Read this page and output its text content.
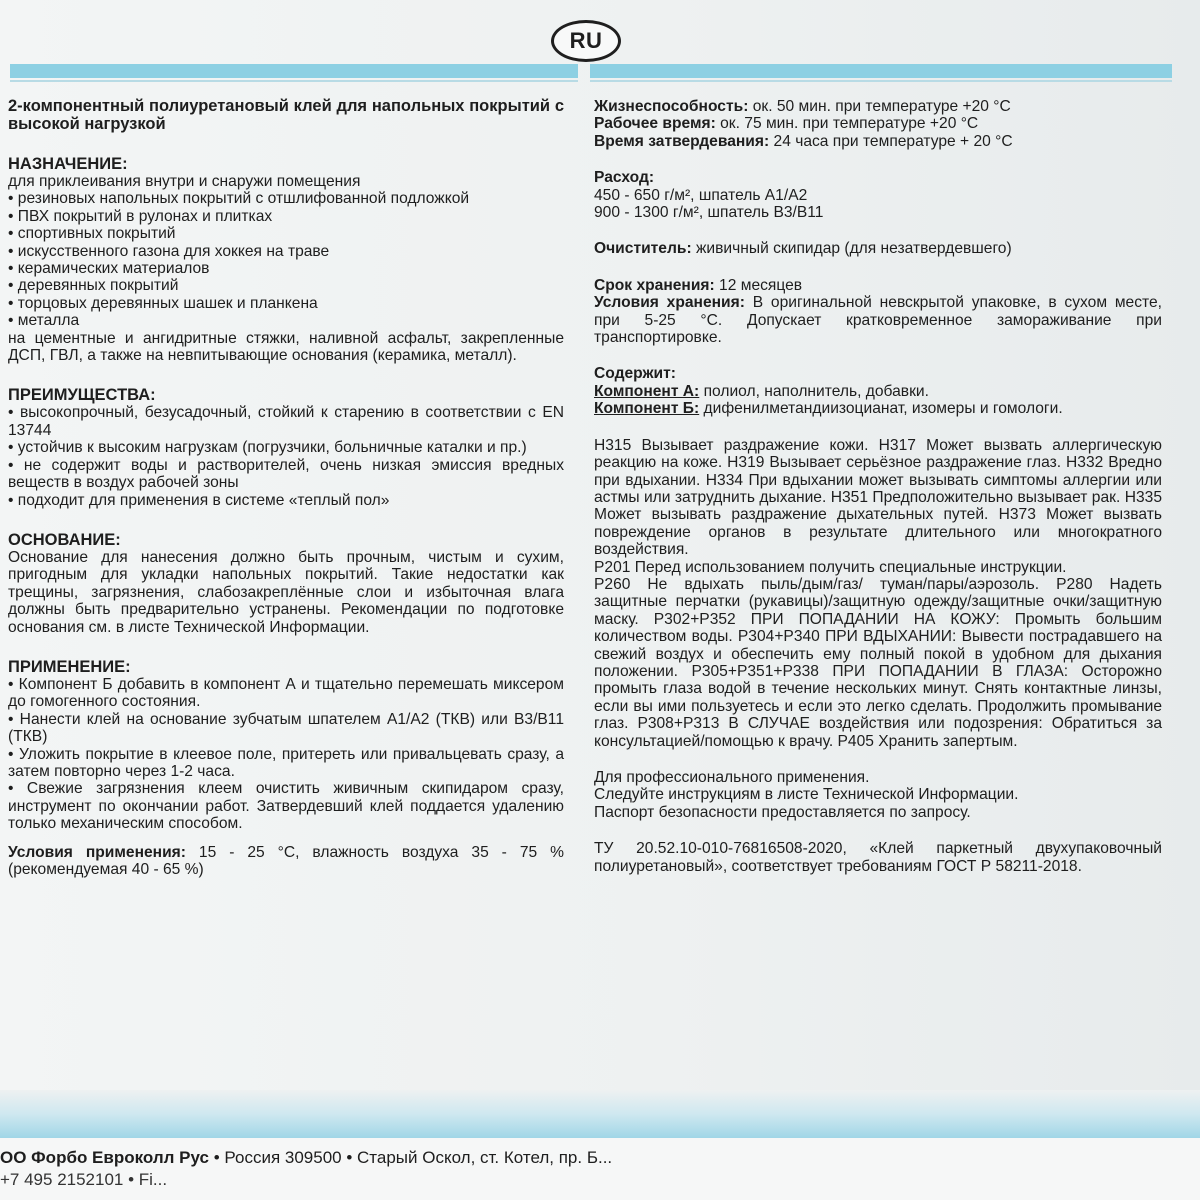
RU

2-компонентный полиуретановый клей для напольных покрытий с высокой нагрузкой

НАЗНАЧЕНИЕ:

для приклеивания внутри и снаружи помещения

• резиновых напольных покрытий с отшлифованной подложкой

• ПВХ покрытий в рулонах и плитках

• спортивных покрытий

• искусственного газона для хоккея на траве

• керамических материалов

• деревянных покрытий

• торцовых деревянных шашек и планкена

• металла

на цементные и ангидритные стяжки, наливной асфальт, закрепленные ДСП, ГВЛ, а также на невпитывающие основания (керамика, металл).

ПРЕИМУЩЕСТВА:

• высокопрочный, безусадочный, стойкий к старению в соответствии с EN 13744

• устойчив к высоким нагрузкам (погрузчики, больничные каталки и пр.)

• не содержит воды и растворителей, очень низкая эмиссия вредных веществ в воздух рабочей зоны

• подходит для применения в системе «теплый пол»

ОСНОВАНИЕ:

Основание для нанесения должно быть прочным, чистым и сухим, пригодным для укладки напольных покрытий. Такие недостатки как трещины, загрязнения, слабозакреплённые слои и избыточная влага должны быть предварительно устранены. Рекомендации по подготовке основания см. в листе Технической Информации.

ПРИМЕНЕНИЕ:

• Компонент Б добавить в компонент А и тщательно перемешать миксером до гомогенного состояния.

• Нанести клей на основание зубчатым шпателем А1/А2 (ТКВ) или В3/В11 (ТКВ)

• Уложить покрытие в клеевое поле, притереть или привальцевать сразу, а затем повторно через 1-2 часа.

• Свежие загрязнения клеем очистить живичным скипидаром сразу, инструмент по окончании работ. Затвердевший клей поддается удалению только механическим способом.

Условия применения: 15 - 25 °С, влажность воздуха 35 - 75 % (рекомендуемая 40 - 65 %)

Жизнеспособность: ок. 50 мин. при температуре +20 °С

Рабочее время: ок. 75 мин. при температуре +20 °С

Время затвердевания: 24 часа при температуре + 20 °С

Расход:

450 - 650 г/м², шпатель А1/А2

900 - 1300 г/м², шпатель В3/В11

Очиститель: живичный скипидар (для незатвердевшего)

Срок хранения: 12 месяцев

Условия хранения: В оригинальной невскрытой упаковке, в сухом месте, при 5-25 °С. Допускает кратковременное замораживание при транспортировке.

Содержит:

Компонент А: полиол, наполнитель, добавки.

Компонент Б: дифенилметандиизоцианат, изомеры и гомологи.

H315 Вызывает раздражение кожи. H317 Может вызвать аллергическую реакцию на коже. H319 Вызывает серьёзное раздражение глаз. H332 Вредно при вдыхании. H334 При вдыхании может вызывать симптомы аллергии или астмы или затруднить дыхание. H351 Предположительно вызывает рак. H335 Может вызывать раздражение дыхательных путей. H373 Может вызвать повреждение органов в результате длительного или многократного воздействия.

P201 Перед использованием получить специальные инструкции.

P260 Не вдыхать пыль/дым/газ/ туман/пары/аэрозоль. P280 Надеть защитные перчатки (рукавицы)/защитную одежду/защитные очки/защитную маску. P302+P352 ПРИ ПОПАДАНИИ НА КОЖУ: Промыть большим количеством воды. P304+P340 ПРИ ВДЫХАНИИ: Вывести пострадавшего на свежий воздух и обеспечить ему полный покой в удобном для дыхания положении. P305+P351+P338 ПРИ ПОПАДАНИИ В ГЛАЗА: Осторожно промыть глаза водой в течение нескольких минут. Снять контактные линзы, если вы ими пользуетесь и если это легко сделать. Продолжить промывание глаз. P308+P313 В СЛУЧАЕ воздействия или подозрения: Обратиться за консультацией/помощью к врачу. P405 Хранить запертым.

Для профессионального применения.

Следуйте инструкциям в листе Технической Информации.

Паспорт безопасности предоставляется по запросу.

ТУ 20.52.10-010-76816508-2020, «Клей паркетный двухупаковочный полиуретановый», соответствует требованиям ГОСТ Р 58211-2018.

ОО Форбо Евроколл Рус • Россия 309500 • Старый Оскол, ст. Котел, пр. Б...
+7 495 2152101 • Fi...
